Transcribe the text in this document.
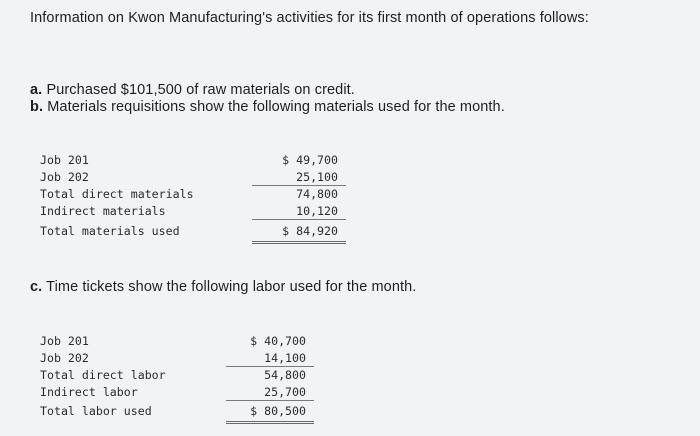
Information on Kwon Manufacturing's activities for its first month of operations follows:
a. Purchased $101,500 of raw materials on credit.
b. Materials requisitions show the following materials used for the month.
Job 201	$ 49,700
Job 202	25,100
Total direct materials	74,800
Indirect materials	10,120
Total materials used	$ 84,920
c. Time tickets show the following labor used for the month.
Job 201	$ 40,700
Job 202	14,100
Total direct labor	54,800
Indirect labor	25,700
Total labor used	$ 80,500
